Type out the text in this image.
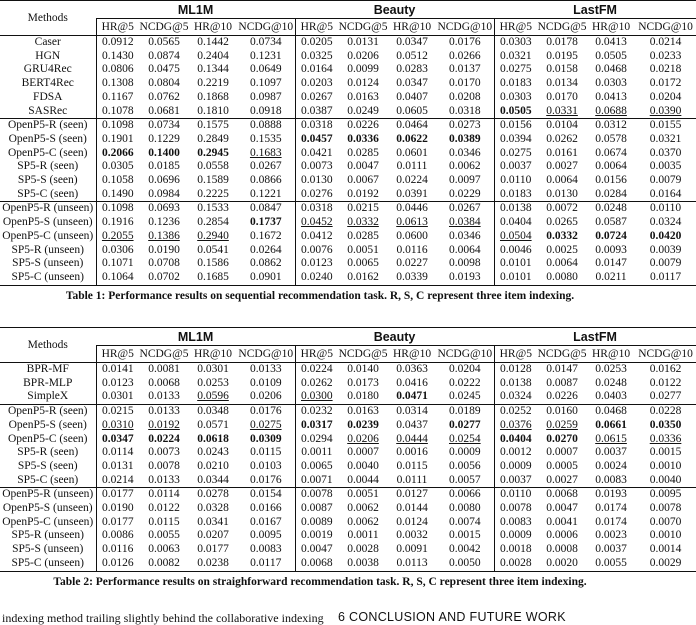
Methods	ML1M				Beauty				LastFM			
	HR@5	NCDG@5	HR@10	NCDG@10	HR@5	NCDG@5	HR@10	NCDG@10	HR@5	NCDG@5	HR@10	NCDG@10
Caser	0.0912	0.0565	0.1442	0.0734	0.0205	0.0131	0.0347	0.0176	0.0303	0.0178	0.0413	0.0214
HGN	0.1430	0.0874	0.2404	0.1231	0.0325	0.0206	0.0512	0.0266	0.0321	0.0195	0.0505	0.0233
GRU4Rec	0.0806	0.0475	0.1344	0.0649	0.0164	0.0099	0.0283	0.0137	0.0275	0.0158	0.0468	0.0218
BERT4Rec	0.1308	0.0804	0.2219	0.1097	0.0203	0.0124	0.0347	0.0170	0.0183	0.0134	0.0303	0.0172
FDSA	0.1167	0.0762	0.1868	0.0987	0.0267	0.0163	0.0407	0.0208	0.0303	0.0170	0.0413	0.0204
SASRec	0.1078	0.0681	0.1810	0.0918	0.0387	0.0249	0.0605	0.0318	0.0505	0.0331	0.0688	0.0390
OpenP5-R (seen)	0.1098	0.0734	0.1575	0.0888	0.0318	0.0226	0.0464	0.0273	0.0156	0.0104	0.0312	0.0155
OpenP5-S (seen)	0.1901	0.1229	0.2849	0.1535	0.0457	0.0336	0.0622	0.0389	0.0394	0.0262	0.0578	0.0321
OpenP5-C (seen)	0.2066	0.1400	0.2945	0.1683	0.0421	0.0285	0.0601	0.0346	0.0275	0.0161	0.0674	0.0370
SP5-R (seen)	0.0305	0.0185	0.0558	0.0267	0.0073	0.0047	0.0111	0.0062	0.0037	0.0027	0.0064	0.0035
SP5-S (seen)	0.1058	0.0696	0.1589	0.0866	0.0130	0.0067	0.0224	0.0097	0.0110	0.0064	0.0156	0.0079
SP5-C (seen)	0.1490	0.0984	0.2225	0.1221	0.0276	0.0192	0.0391	0.0229	0.0183	0.0130	0.0284	0.0164
OpenP5-R (unseen)	0.1098	0.0693	0.1533	0.0847	0.0318	0.0215	0.0446	0.0267	0.0138	0.0072	0.0248	0.0110
OpenP5-S (unseen)	0.1916	0.1236	0.2854	0.1737	0.0452	0.0332	0.0613	0.0384	0.0404	0.0265	0.0587	0.0324
OpenP5-C (unseen)	0.2055	0.1386	0.2940	0.1672	0.0412	0.0285	0.0600	0.0346	0.0504	0.0332	0.0724	0.0420
SP5-R (unseen)	0.0306	0.0190	0.0541	0.0264	0.0076	0.0051	0.0116	0.0064	0.0046	0.0025	0.0093	0.0039
SP5-S (unseen)	0.1071	0.0708	0.1586	0.0862	0.0123	0.0065	0.0227	0.0098	0.0101	0.0064	0.0147	0.0079
SP5-C (unseen)	0.1064	0.0702	0.1685	0.0901	0.0240	0.0162	0.0339	0.0193	0.0101	0.0080	0.0211	0.0117
Table 1: Performance results on sequential recommendation task. R, S, C represent three item indexing.
Methods	ML1M				Beauty				LastFM			
	HR@5	NCDG@5	HR@10	NCDG@10	HR@5	NCDG@5	HR@10	NCDG@10	HR@5	NCDG@5	HR@10	NCDG@10
BPR-MF	0.0141	0.0081	0.0301	0.0133	0.0224	0.0140	0.0363	0.0204	0.0128	0.0147	0.0253	0.0162
BPR-MLP	0.0123	0.0068	0.0253	0.0109	0.0262	0.0173	0.0416	0.0222	0.0138	0.0087	0.0248	0.0122
SimpleX	0.0301	0.0133	0.0596	0.0206	0.0300	0.0180	0.0471	0.0245	0.0324	0.0226	0.0403	0.0277
OpenP5-R (seen)	0.0215	0.0133	0.0348	0.0176	0.0232	0.0163	0.0314	0.0189	0.0252	0.0160	0.0468	0.0228
OpenP5-S (seen)	0.0310	0.0192	0.0571	0.0275	0.0317	0.0239	0.0437	0.0277	0.0376	0.0259	0.0661	0.0350
OpenP5-C (seen)	0.0347	0.0224	0.0618	0.0309	0.0294	0.0206	0.0444	0.0254	0.0404	0.0270	0.0615	0.0336
SP5-R (seen)	0.0114	0.0073	0.0243	0.0115	0.0011	0.0007	0.0016	0.0009	0.0012	0.0007	0.0037	0.0015
SP5-S (seen)	0.0131	0.0078	0.0210	0.0103	0.0065	0.0040	0.0115	0.0056	0.0009	0.0005	0.0024	0.0010
SP5-C (seen)	0.0214	0.0133	0.0344	0.0176	0.0071	0.0044	0.0111	0.0057	0.0037	0.0027	0.0083	0.0040
OpenP5-R (unseen)	0.0177	0.0114	0.0278	0.0154	0.0078	0.0051	0.0127	0.0066	0.0110	0.0068	0.0193	0.0095
OpenP5-S (unseen)	0.0190	0.0122	0.0328	0.0166	0.0087	0.0062	0.0144	0.0080	0.0078	0.0047	0.0174	0.0078
OpenP5-C (unseen)	0.0177	0.0115	0.0341	0.0167	0.0089	0.0062	0.0124	0.0074	0.0083	0.0041	0.0174	0.0070
SP5-R (unseen)	0.0086	0.0055	0.0207	0.0095	0.0019	0.0011	0.0032	0.0015	0.0009	0.0006	0.0023	0.0010
SP5-S (unseen)	0.0116	0.0063	0.0177	0.0083	0.0047	0.0028	0.0091	0.0042	0.0018	0.0008	0.0037	0.0014
SP5-C (unseen)	0.0126	0.0082	0.0238	0.0117	0.0068	0.0038	0.0113	0.0050	0.0028	0.0020	0.0055	0.0029
Table 2: Performance results on straighforward recommendation task. R, S, C represent three item indexing.
indexing method trailing slightly behind the collaborative indexing 6 CONCLUSION AND FUTURE WORK
